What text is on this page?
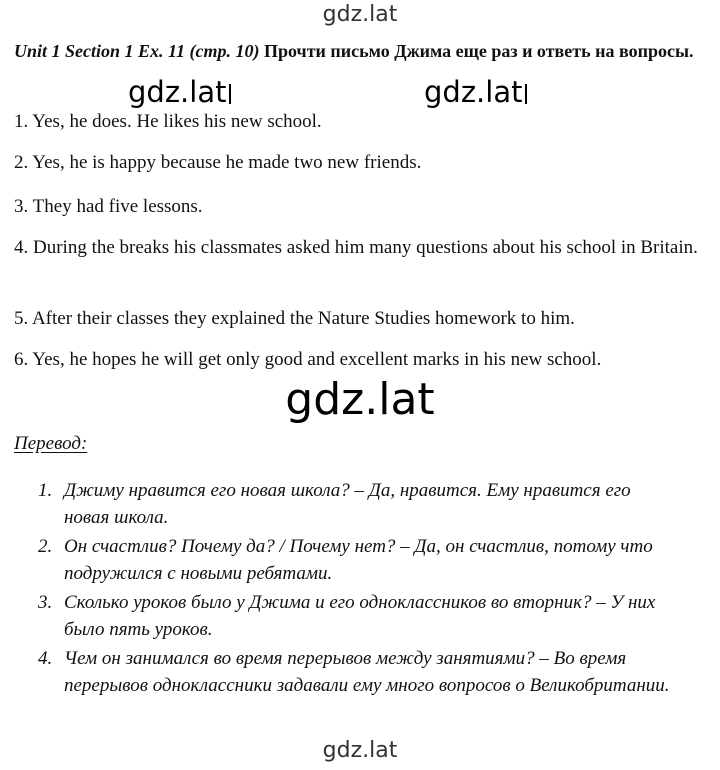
gdz.lat
Unit 1 Section 1 Ex. 11 (стр. 10) Прочти письмо Джима еще раз и ответь на вопросы.
gdz.lat	gdz.lat
1. Yes, he does. He likes his new school.
2. Yes, he is happy because he made two new friends.
3. They had five lessons.
4. During the breaks his classmates asked him many questions about his school in Britain.
5. After their classes they explained the Nature Studies homework to him.
6. Yes, he hopes he will get only good and excellent marks in his new school.
gdz.lat
Перевод:
1. Джиму нравится его новая школа? – Да, нравится. Ему нравится его новая школа.
2. Он счастлив? Почему да? / Почему нет? – Да, он счастлив, потому что подружился с новыми ребятами.
3. Сколько уроков было у Джима и его одноклассников во вторник? – У них было пять уроков.
4. Чем он занимался во время перерывов между занятиями? – Во время перерывов одноклассники задавали ему много вопросов о Великобритании.
gdz.lat
